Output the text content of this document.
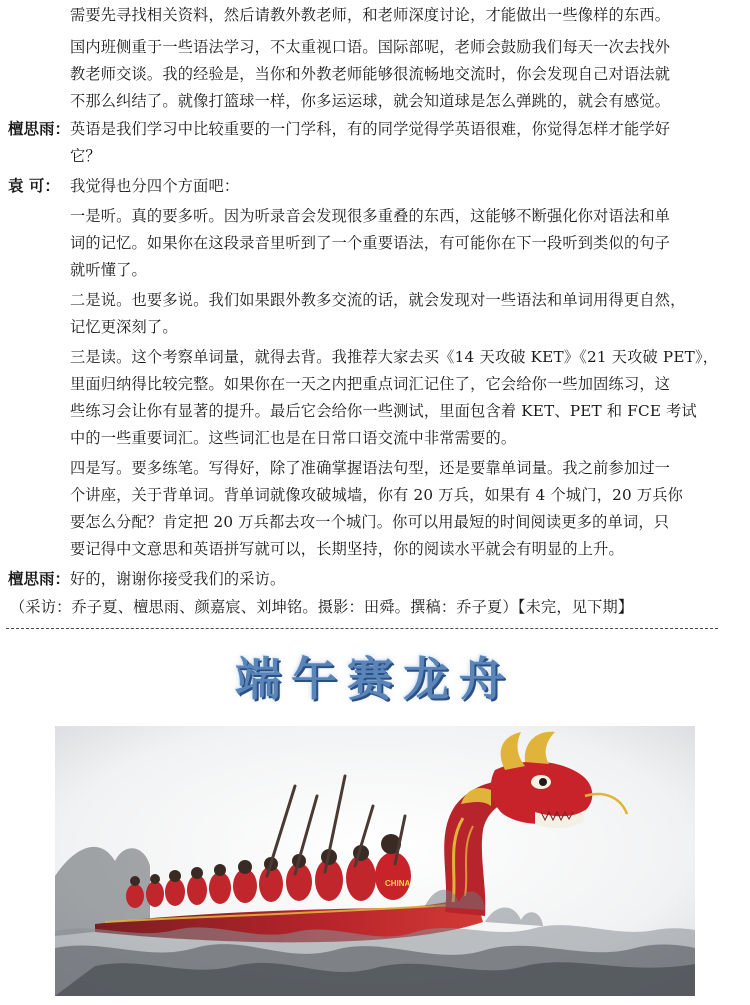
需要先寻找相关资料，然后请教外教老师，和老师深度讨论，才能做出一些像样的东西。
国内班侧重于一些语法学习，不太重视口语。国际部呢，老师会鼓励我们每天一次去找外
教老师交谈。我的经验是，当你和外教老师能够很流畅地交流时，你会发现自己对语法就
不那么纠结了。就像打篮球一样，你多运运球，就会知道球是怎么弹跳的，就会有感觉。
檀思雨： 英语是我们学习中比较重要的一门学科，有的同学觉得学英语很难，你觉得怎样才能学好
它？
袁 可： 我觉得也分四个方面吧：
一是听。真的要多听。因为听录音会发现很多重叠的东西，这能够不断强化你对语法和单
词的记忆。如果你在这段录音里听到了一个重要语法，有可能你在下一段听到类似的句子
就听懂了。
二是说。也要多说。我们如果跟外教多交流的话，就会发现对一些语法和单词用得更自然，
记忆更深刻了。
三是读。这个考察单词量，就得去背。我推荐大家去买《14 天攻破 KET》《21 天攻破 PET》，
里面归纳得比较完整。如果你在一天之内把重点词汇记住了，它会给你一些加固练习，这
些练习会让你有显著的提升。最后它会给你一些测试，里面包含着 KET、PET 和 FCE 考试
中的一些重要词汇。这些词汇也是在日常口语交流中非常需要的。
四是写。要多练笔。写得好，除了准确掌握语法句型，还是要靠单词量。我之前参加过一
个讲座，关于背单词。背单词就像攻破城墙，你有 20 万兵，如果有 4 个城门，20 万兵你
要怎么分配？肯定把 20 万兵都去攻一个城门。你可以用最短的时间阅读更多的单词，只
要记得中文意思和英语拼写就可以，长期坚持，你的阅读水平就会有明显的上升。
檀思雨： 好的，谢谢你接受我们的采访。
（采访：乔子夏、檀思雨、颜嘉宸、刘坤铭。摄影：田舜。撰稿：乔子夏）【未完，见下期】
端午赛龙舟
CHINA
